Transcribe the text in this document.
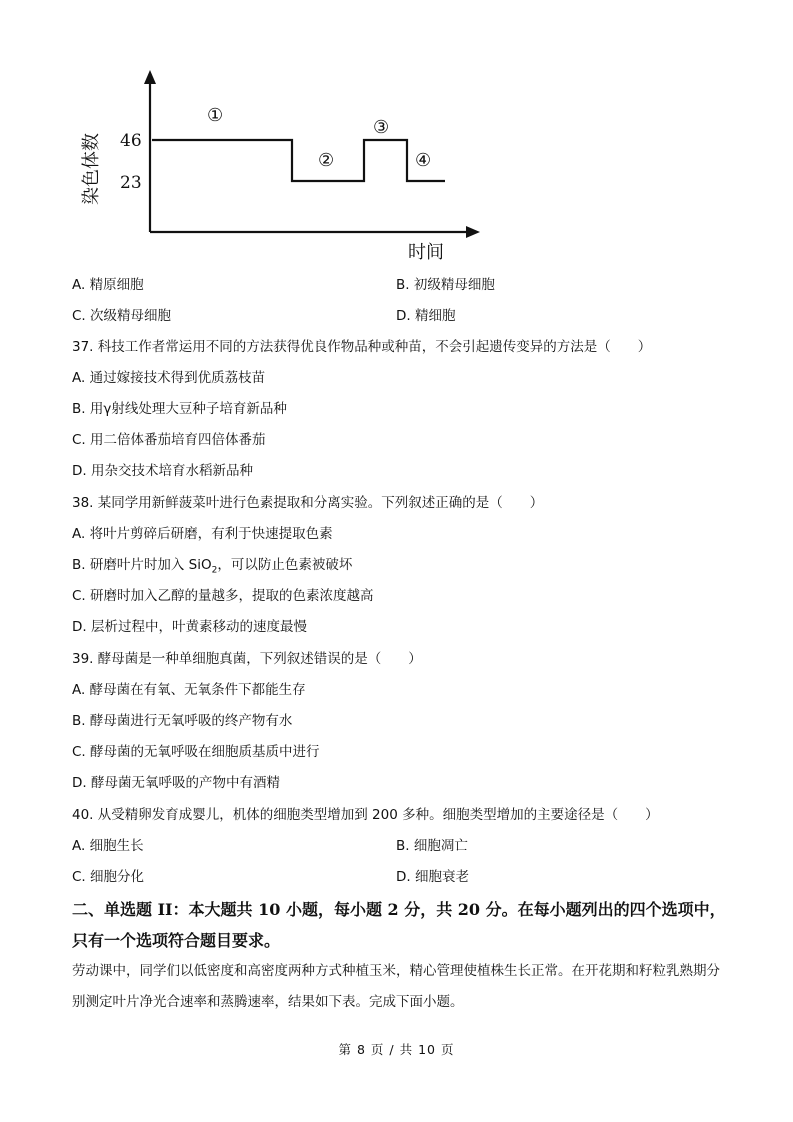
46
23
染色体数
时间
①
②
③
④
A. 精原细胞	B. 初级精母细胞
C. 次级精母细胞	D. 精细胞
37. 科技工作者常运用不同的方法获得优良作物品种或种苗，不会引起遗传变异的方法是（　　）
A. 通过嫁接技术得到优质荔枝苗
B. 用γ射线处理大豆种子培育新品种
C. 用二倍体番茄培育四倍体番茄
D. 用杂交技术培育水稻新品种
38. 某同学用新鲜菠菜叶进行色素提取和分离实验。下列叙述正确的是（　　）
A. 将叶片剪碎后研磨，有利于快速提取色素
B. 研磨叶片时加入 SiO$_2$，可以防止色素被破坏
C. 研磨时加入乙醇的量越多，提取的色素浓度越高
D. 层析过程中，叶黄素移动的速度最慢
39. 酵母菌是一种单细胞真菌，下列叙述错误的是（　　）
A. 酵母菌在有氧、无氧条件下都能生存
B. 酵母菌进行无氧呼吸的终产物有水
C. 酵母菌的无氧呼吸在细胞质基质中进行
D. 酵母菌无氧呼吸的产物中有酒精
40. 从受精卵发育成婴儿，机体的细胞类型增加到 200 多种。细胞类型增加的主要途径是（　　）
A. 细胞生长	B. 细胞凋亡
C. 细胞分化	D. 细胞衰老
二、单选题 II：本大题共 10 小题，每小题 2 分，共 20 分。在每小题列出的四个选项中，只有一个选项符合题目要求。
劳动课中，同学们以低密度和高密度两种方式种植玉米，精心管理使植株生长正常。在开花期和籽粒乳熟期分别测定叶片净光合速率和蒸腾速率，结果如下表。完成下面小题。
第 8 页 / 共 10 页
